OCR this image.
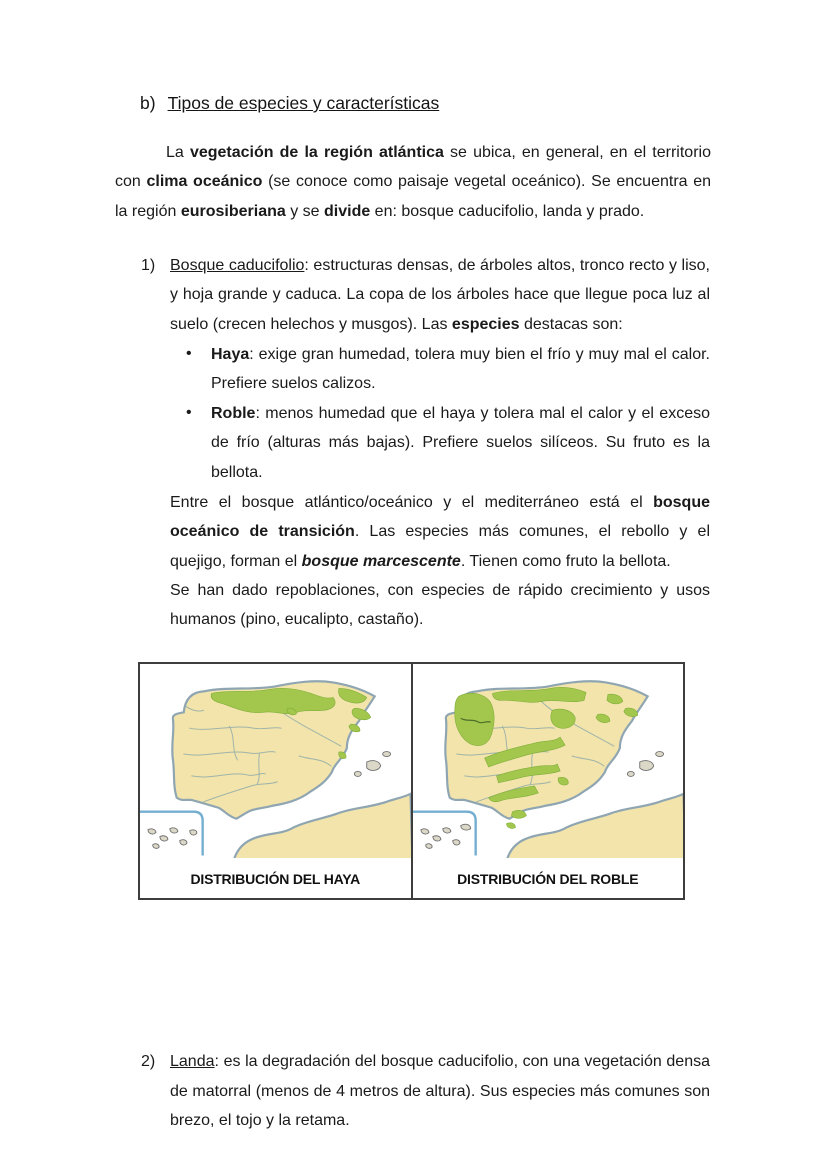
b) Tipos de especies y características
La vegetación de la región atlántica se ubica, en general, en el territorio con clima oceánico (se conoce como paisaje vegetal oceánico). Se encuentra en la región eurosiberiana y se divide en: bosque caducifolio, landa y prado.
1) Bosque caducifolio: estructuras densas, de árboles altos, tronco recto y liso, y hoja grande y caduca. La copa de los árboles hace que llegue poca luz al suelo (crecen helechos y musgos). Las especies destacas son:
• Haya: exige gran humedad, tolera muy bien el frío y muy mal el calor. Prefiere suelos calizos.
• Roble: menos humedad que el haya y tolera mal el calor y el exceso de frío (alturas más bajas). Prefiere suelos silíceos. Su fruto es la bellota.
Entre el bosque atlántico/oceánico y el mediterráneo está el bosque oceánico de transición. Las especies más comunes, el rebollo y el quejigo, forman el bosque marcescente. Tienen como fruto la bellota.
Se han dado repoblaciones, con especies de rápido crecimiento y usos humanos (pino, eucalipto, castaño).
DISTRIBUCIÓN DEL HAYA	DISTRIBUCIÓN DEL ROBLE
2) Landa: es la degradación del bosque caducifolio, con una vegetación densa de matorral (menos de 4 metros de altura). Sus especies más comunes son brezo, el tojo y la retama.
